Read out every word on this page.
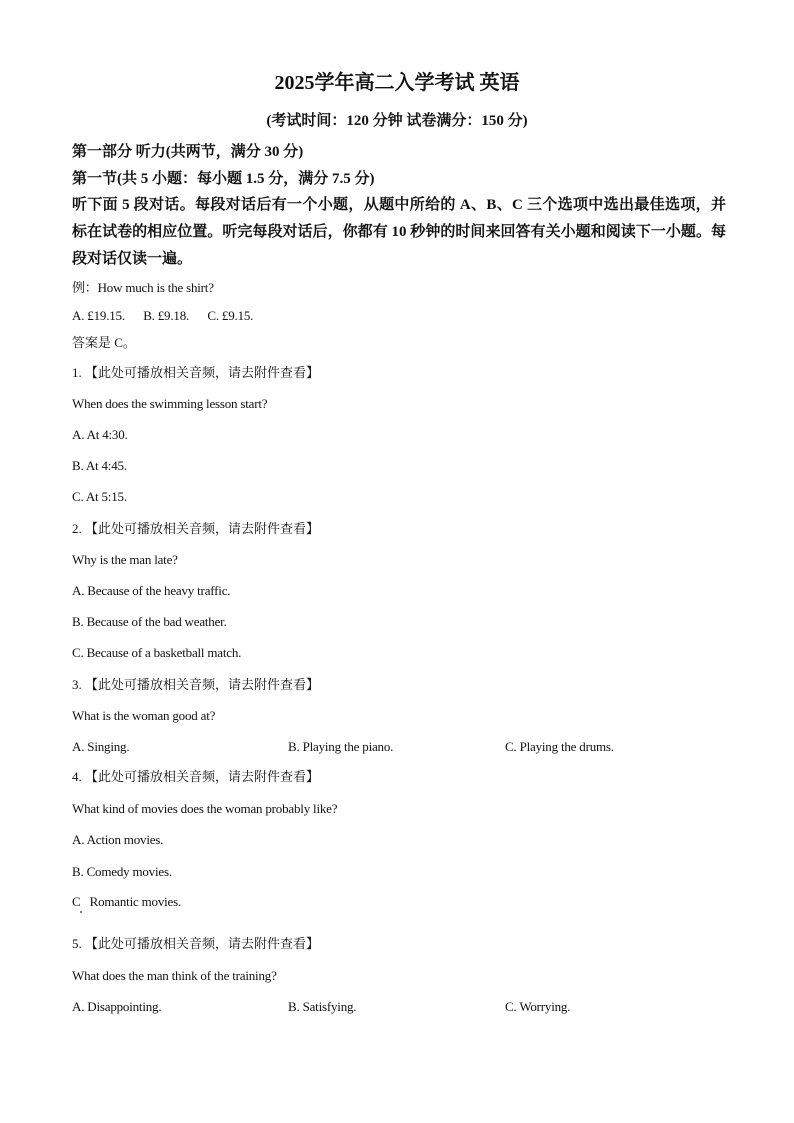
2025学年高二入学考试 英语
(考试时间：120 分钟 试卷满分：150 分)
第一部分 听力(共两节，满分 30 分)
第一节(共 5 小题：每小题 1.5 分，满分 7.5 分)
听下面 5 段对话。每段对话后有一个小题，从题中所给的 A、B、C 三个选项中选出最佳选项，并标在试卷的相应位置。听完每段对话后，你都有 10 秒钟的时间来回答有关小题和阅读下一小题。每段对话仅读一遍。
例：How much is the shirt?
A. £19.15.      B. £9.18.      C. £9.15.
答案是 C。
1. 【此处可播放相关音频，请去附件查看】
When does the swimming lesson start?
A. At 4:30.
B. At 4:45.
C. At 5:15.
2. 【此处可播放相关音频，请去附件查看】
Why is the man late?
A. Because of the heavy traffic.
B. Because of the bad weather.
C. Because of a basketball match.
3. 【此处可播放相关音频，请去附件查看】
What is the woman good at?
A. Singing.	B. Playing the piano.	C. Playing the drums.
4. 【此处可播放相关音频，请去附件查看】
What kind of movies does the woman probably like?
A. Action movies.
B. Comedy movies.
C   Romantic movies.
5. 【此处可播放相关音频，请去附件查看】
What does the man think of the training?
A. Disappointing.	B. Satisfying.	C. Worrying.
